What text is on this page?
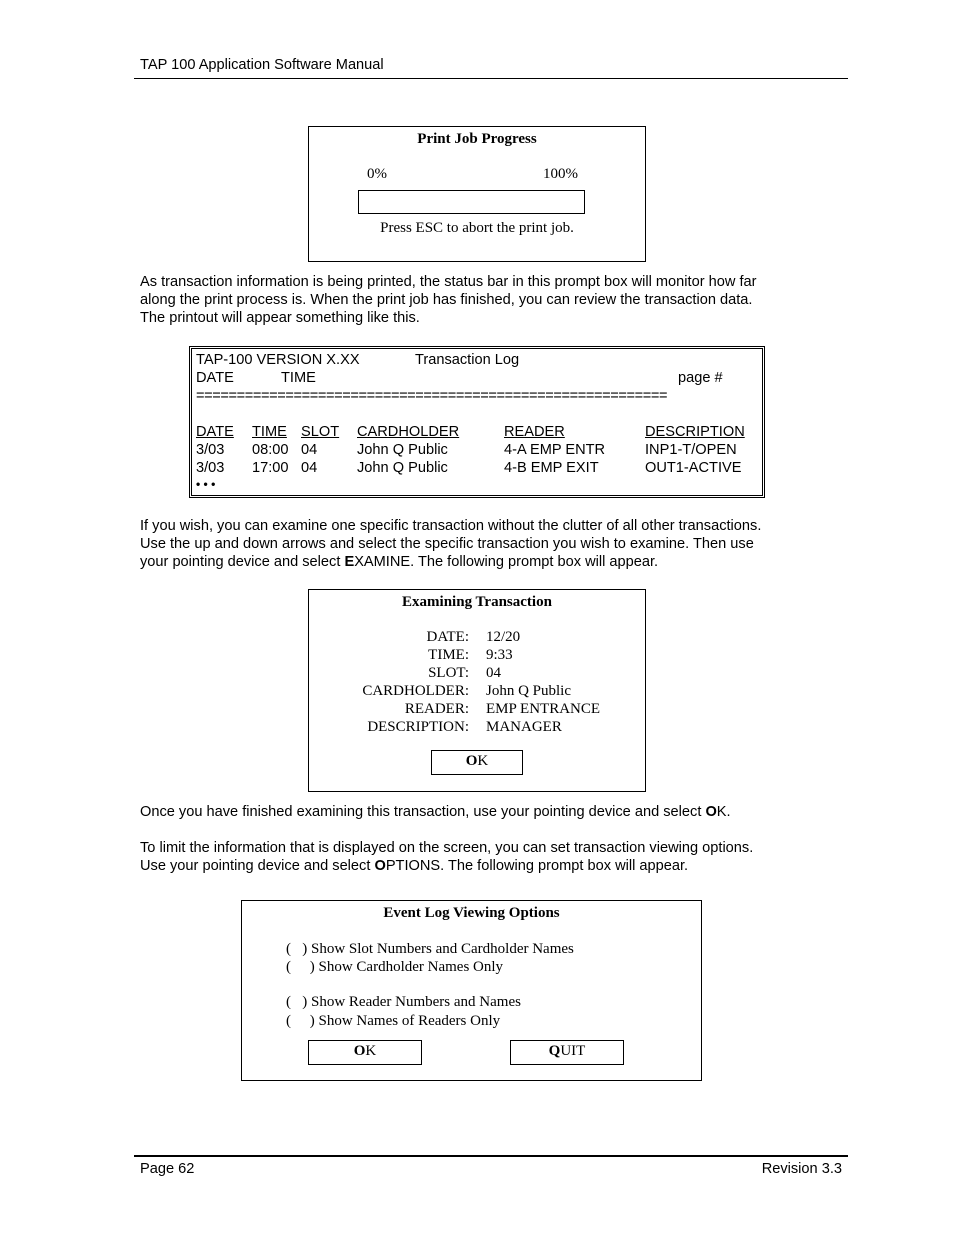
TAP 100 Application Software Manual
Print Job Progress
0%	100%
Press ESC to abort the print job.

As transaction information is being printed, the status bar in this prompt box will monitor how far

along the print process is. When the print job has finished, you can review the transaction data.

The printout will appear something like this.

TAP-100 VERSION X.XX	Transaction Log
DATE	TIME	page #
==========================================================
DATE TIME SLOT CARDHOLDER	READER	DESCRIPTION
3/03 08:00 04	John Q Public	4-A EMP ENTR	INP1-T/OPEN
3/03 17:00 04	John Q Public	4-B EMP EXIT	OUT1-ACTIVE
• • •

If you wish, you can examine one specific transaction without the clutter of all other transactions.

Use the up and down arrows and select the specific transaction you wish to examine. Then use

your pointing device and select EXAMINE. The following prompt box will appear.

Examining Transaction
DATE: 12/20
TIME: 9:33
SLOT: 04
CARDHOLDER: John Q Public
READER: EMP ENTRANCE
DESCRIPTION: MANAGER
OK

Once you have finished examining this transaction, use your pointing device and select OK.

To limit the information that is displayed on the screen, you can set transaction viewing options.

Use your pointing device and select OPTIONS. The following prompt box will appear.

Event Log Viewing Options
(   ) Show Slot Numbers and Cardholder Names
(     ) Show Cardholder Names Only
(   ) Show Reader Numbers and Names
(     ) Show Names of Readers Only
OK	QUIT
Page 62	Revision 3.3
